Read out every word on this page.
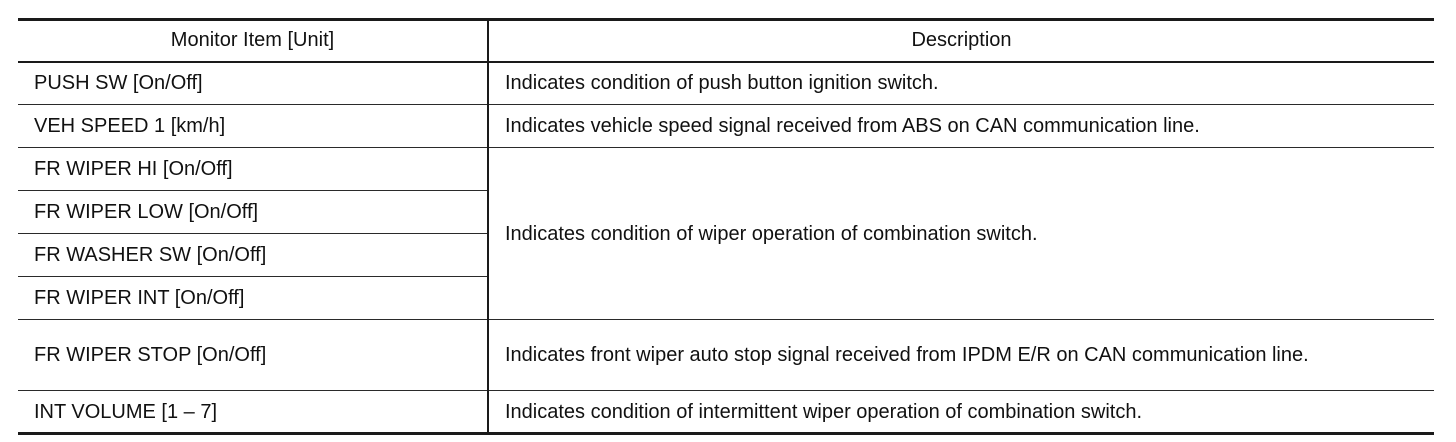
Monitor Item [Unit]	Description
PUSH SW [On/Off]	Indicates condition of push button ignition switch.
VEH SPEED 1 [km/h]	Indicates vehicle speed signal received from ABS on CAN communication line.
FR WIPER HI [On/Off]	Indicates condition of wiper operation of combination switch.
FR WIPER LOW [On/Off]	
FR WASHER SW [On/Off]	
FR WIPER INT [On/Off]	
FR WIPER STOP [On/Off]	Indicates front wiper auto stop signal received from IPDM E/R on CAN communication line.
INT VOLUME [1 – 7]	Indicates condition of intermittent wiper operation of combination switch.
